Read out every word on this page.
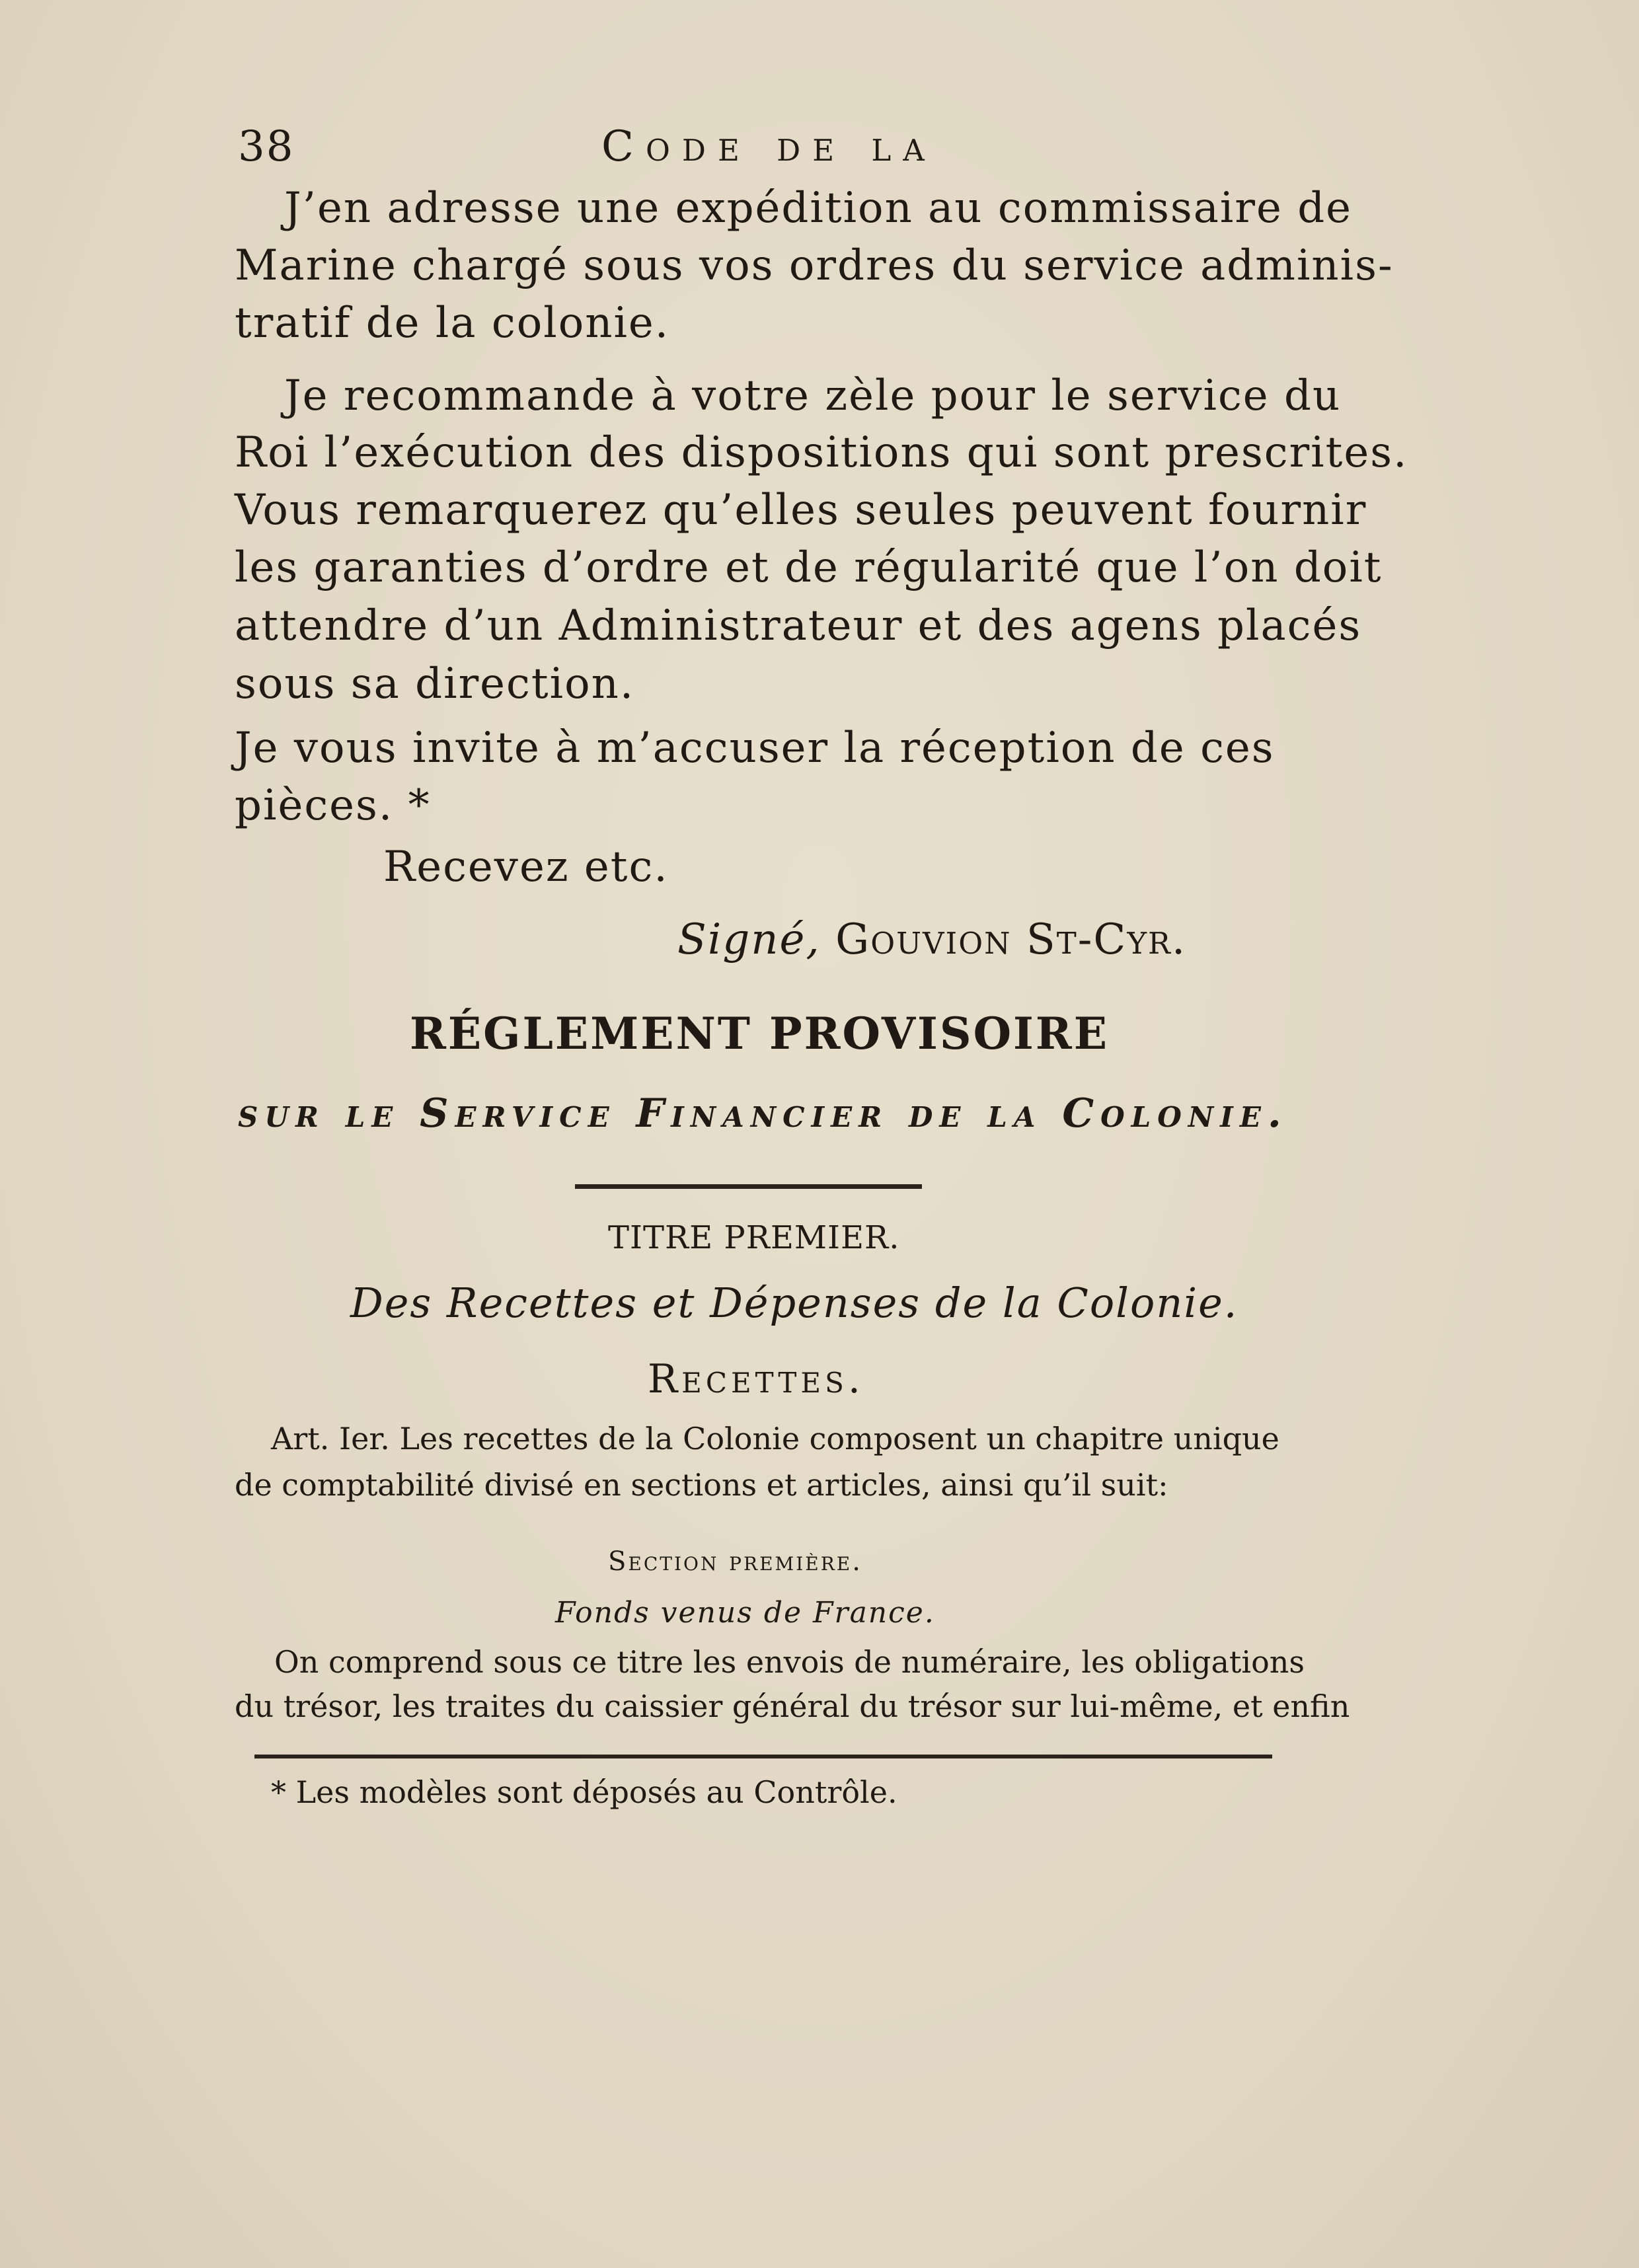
38	Code de la
J’en adresse une expédition au commissaire de
Marine chargé sous vos ordres du service adminis-
tratif de la colonie.
Je recommande à votre zèle pour le service du
Roi l’exécution des dispositions qui sont prescrites.
Vous remarquerez qu’elles seules peuvent fournir
les garanties d’ordre et de régularité que l’on doit
attendre d’un Administrateur et des agens placés
sous sa direction.
Je vous invite à m’accuser la réception de ces
pièces. *
Recevez etc.
Signé, Gouvion St-Cyr.
RÉGLEMENT PROVISOIRE
sur le Service Financier de la Colonie.
TITRE PREMIER.
Des Recettes et Dépenses de la Colonie.
Recettes.
Art. Ier. Les recettes de la Colonie composent un chapitre unique
de comptabilité divisé en sections et articles, ainsi qu’il suit:
Section première.
Fonds venus de France.
On comprend sous ce titre les envois de numéraire, les obligations
du trésor, les traites du caissier général du trésor sur lui-même, et enfin
* Les modèles sont déposés au Contrôle.
